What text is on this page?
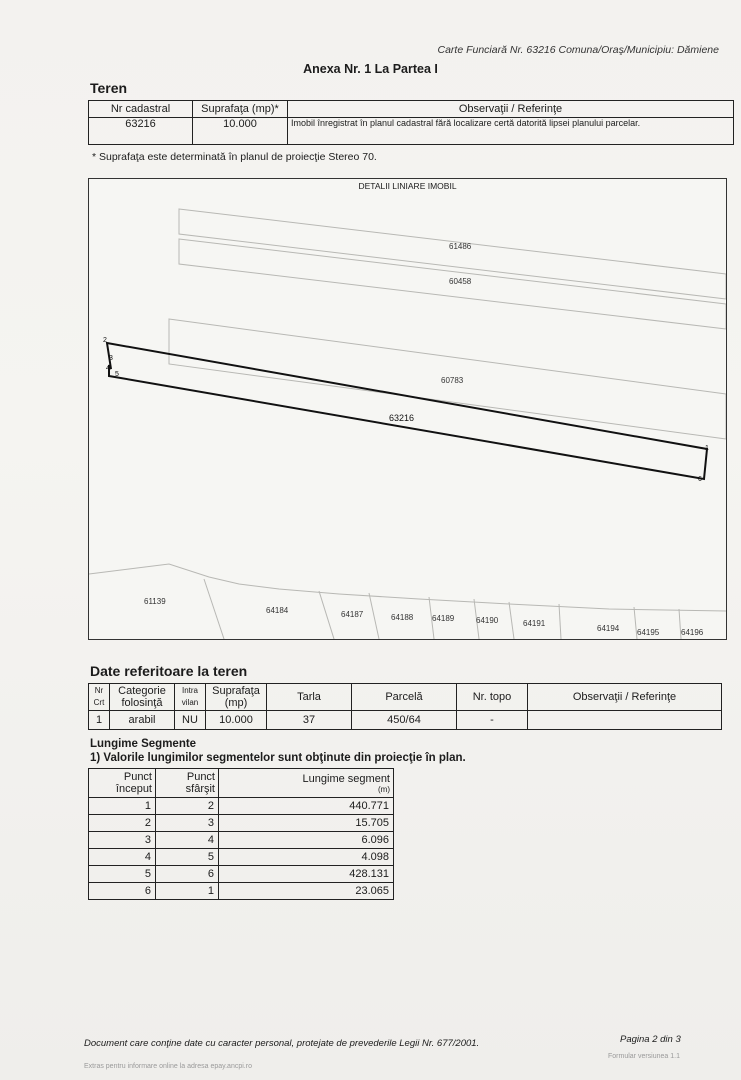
Carte Funciară Nr. 63216 Comuna/Oraş/Municipiu: Dămiene
Anexa Nr. 1 La Partea I
Teren
Nr cadastral	Suprafaţa (mp)*	Observaţii / Referinţe
63216	10.000	Imobil înregistrat în planul cadastral fără localizare certă datorită lipsei planului parcelar.
* Suprafaţa este determinată în planul de proiecţie Stereo 70.
DETALII LINIARE IMOBIL
61486
60458
60783
61139
64184	64187	64188 64189	64190	64191
64194 64195	64196
63216
2
3
4
5
1
6
Date referitoare la teren
Nr Crt	Categorie folosinţă	Intra vilan	Suprafaţa (mp)	Tarla	Parcelă	Nr. topo	Observaţii / Referinţe
1	arabil	NU	10.000	37	450/64	-	
Lungime Segmente
1) Valorile lungimilor segmentelor sunt obţinute din proiecţie în plan.
Punct început	Punct sfârşit	Lungime segment
(m)

1	2	440.771
2	3	15.705
3	4	6.096
4	5	4.098
5	6	428.131
6	1	23.065
Document care conţine date cu caracter personal, protejate de prevederile Legii Nr. 677/2001.	Pagina 2 din 3
Extras pentru informare online la adresa epay.ancpi.ro
Formular versiunea 1.1
